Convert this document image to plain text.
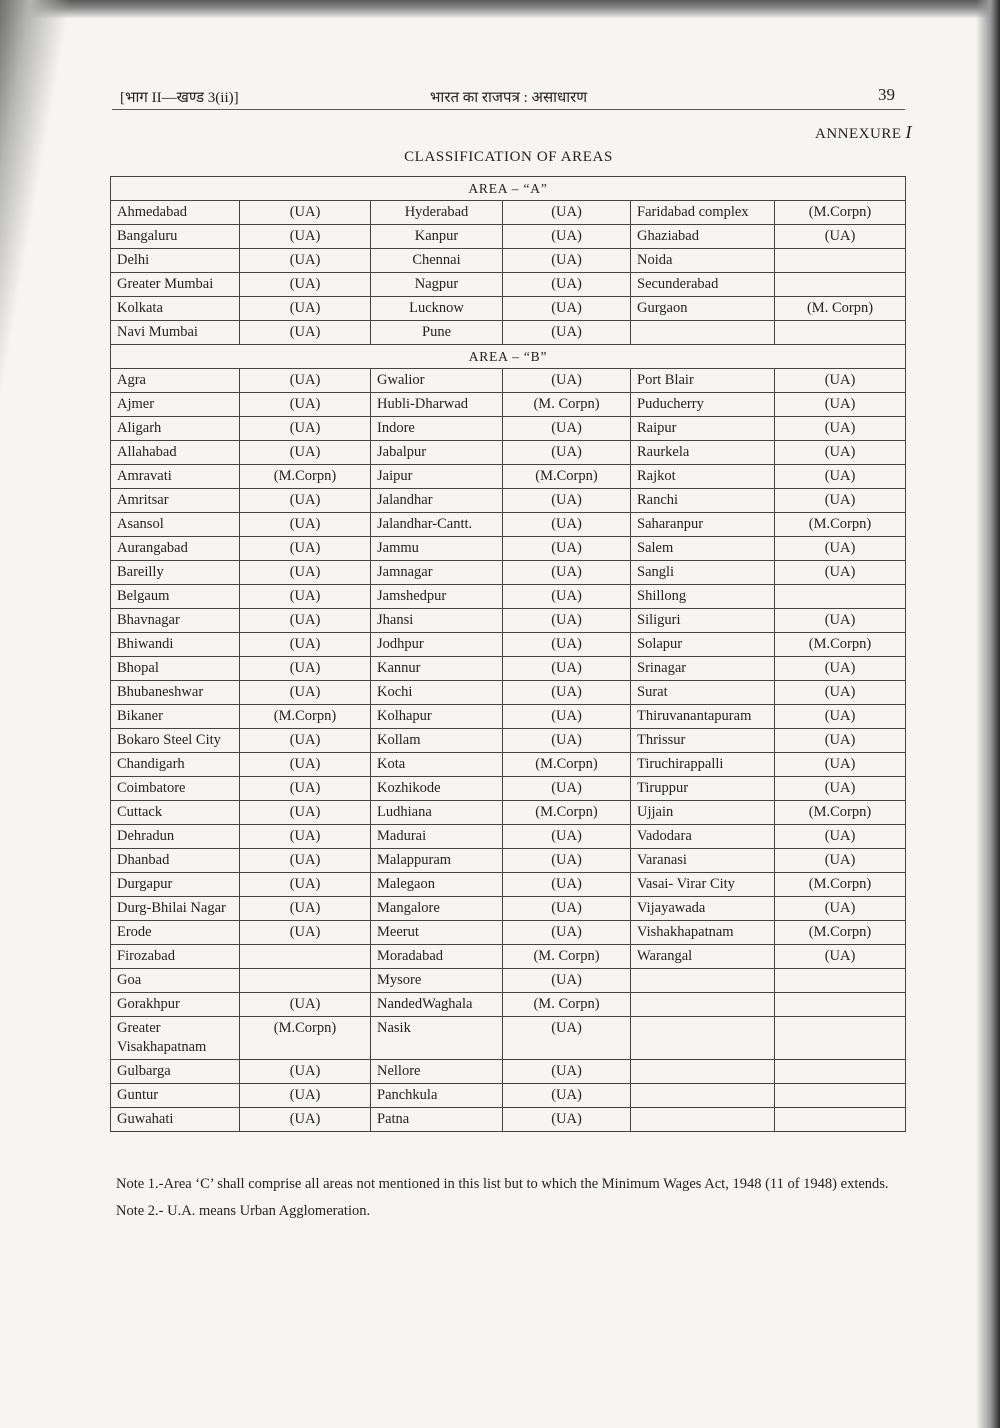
[भाग II—खण्ड 3(ii)]	भारत का राजपत्र : असाधारण	39
ANNEXURE I
CLASSIFICATION OF AREAS
AREA – “A”					
Ahmedabad	(UA)	Hyderabad	(UA)	Faridabad complex	(M.Corpn)
Bangaluru	(UA)	Kanpur	(UA)	Ghaziabad	(UA)
Delhi	(UA)	Chennai	(UA)	Noida	
Greater Mumbai	(UA)	Nagpur	(UA)	Secunderabad	
Kolkata	(UA)	Lucknow	(UA)	Gurgaon	(M. Corpn)
Navi Mumbai	(UA)	Pune	(UA)		
AREA – “B”					
Agra	(UA)	Gwalior	(UA)	Port Blair	(UA)
Ajmer	(UA)	Hubli-Dharwad	(M. Corpn)	Puducherry	(UA)
Aligarh	(UA)	Indore	(UA)	Raipur	(UA)
Allahabad	(UA)	Jabalpur	(UA)	Raurkela	(UA)
Amravati	(M.Corpn)	Jaipur	(M.Corpn)	Rajkot	(UA)
Amritsar	(UA)	Jalandhar	(UA)	Ranchi	(UA)
Asansol	(UA)	Jalandhar-Cantt.	(UA)	Saharanpur	(M.Corpn)
Aurangabad	(UA)	Jammu	(UA)	Salem	(UA)
Bareilly	(UA)	Jamnagar	(UA)	Sangli	(UA)
Belgaum	(UA)	Jamshedpur	(UA)	Shillong	
Bhavnagar	(UA)	Jhansi	(UA)	Siliguri	(UA)
Bhiwandi	(UA)	Jodhpur	(UA)	Solapur	(M.Corpn)
Bhopal	(UA)	Kannur	(UA)	Srinagar	(UA)
Bhubaneshwar	(UA)	Kochi	(UA)	Surat	(UA)
Bikaner	(M.Corpn)	Kolhapur	(UA)	Thiruvanantapuram	(UA)
Bokaro Steel City	(UA)	Kollam	(UA)	Thrissur	(UA)
Chandigarh	(UA)	Kota	(M.Corpn)	Tiruchirappalli	(UA)
Coimbatore	(UA)	Kozhikode	(UA)	Tiruppur	(UA)
Cuttack	(UA)	Ludhiana	(M.Corpn)	Ujjain	(M.Corpn)
Dehradun	(UA)	Madurai	(UA)	Vadodara	(UA)
Dhanbad	(UA)	Malappuram	(UA)	Varanasi	(UA)
Durgapur	(UA)	Malegaon	(UA)	Vasai- Virar City	(M.Corpn)
Durg-Bhilai Nagar	(UA)	Mangalore	(UA)	Vijayawada	(UA)
Erode	(UA)	Meerut	(UA)	Vishakhapatnam	(M.Corpn)
Firozabad		Moradabad	(M. Corpn)	Warangal	(UA)
Goa		Mysore	(UA)		
Gorakhpur	(UA)	NandedWaghala	(M. Corpn)		
Greater Visakhapatnam	(M.Corpn)	Nasik	(UA)		
Gulbarga	(UA)	Nellore	(UA)		
Guntur	(UA)	Panchkula	(UA)		
Guwahati	(UA)	Patna	(UA)		

Note 1.-Area ‘C’ shall comprise all areas not mentioned in this list but to which the Minimum Wages Act, 1948 (11 of 1948) extends.

Note 2.- U.A. means Urban Agglomeration.
